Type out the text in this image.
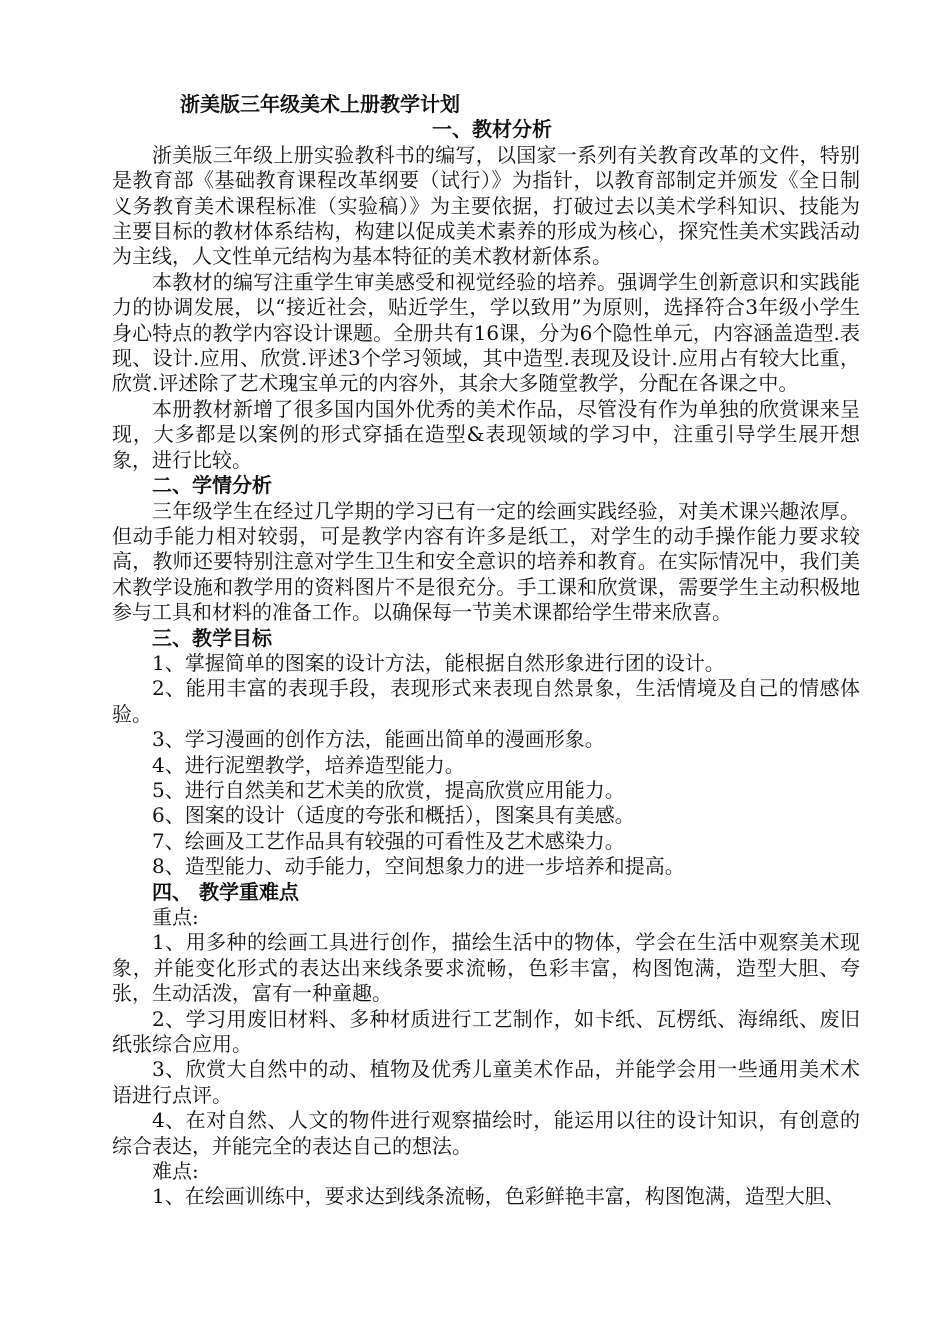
浙美版三年级美术上册教学计划

一、教材分析

浙美版三年级上册实验教科书的编写，以国家一系列有关教育改革的文件，特别是教育部《基础教育课程改革纲要（试行）》为指针，以教育部制定并颁发《全日制义务教育美术课程标准（实验稿）》为主要依据，打破过去以美术学科知识、技能为主要目标的教材体系结构，构建以促成美术素养的形成为核心，探究性美术实践活动为主线，人文性单元结构为基本特征的美术教材新体系。

本教材的编写注重学生审美感受和视觉经验的培养。强调学生创新意识和实践能力的协调发展，以“接近社会，贴近学生，学以致用”为原则，选择符合3年级小学生身心特点的教学内容设计课题。全册共有16课，分为6个隐性单元，内容涵盖造型.表现、设计.应用、欣赏.评述3个学习领域，其中造型.表现及设计.应用占有较大比重，欣赏.评述除了艺术瑰宝单元的内容外，其余大多随堂教学，分配在各课之中。

本册教材新增了很多国内国外优秀的美术作品，尽管没有作为单独的欣赏课来呈现，大多都是以案例的形式穿插在造型&表现领域的学习中，注重引导学生展开想象，进行比较。

二、学情分析

三年级学生在经过几学期的学习已有一定的绘画实践经验，对美术课兴趣浓厚。但动手能力相对较弱，可是教学内容有许多是纸工，对学生的动手操作能力要求较高，教师还要特别注意对学生卫生和安全意识的培养和教育。在实际情况中，我们美术教学设施和教学用的资料图片不是很充分。手工课和欣赏课，需要学生主动积极地参与工具和材料的准备工作。以确保每一节美术课都给学生带来欣喜。

三、教学目标

1、掌握简单的图案的设计方法，能根据自然形象进行团的设计。

2、能用丰富的表现手段，表现形式来表现自然景象，生活情境及自己的情感体验。

3、学习漫画的创作方法，能画出简单的漫画形象。

4、进行泥塑教学，培养造型能力。

5、进行自然美和艺术美的欣赏，提高欣赏应用能力。

6、图案的设计（适度的夸张和概括），图案具有美感。

7、绘画及工艺作品具有较强的可看性及艺术感染力。

8、造型能力、动手能力，空间想象力的进一步培养和提高。

四、 教学重难点

重点:

1、用多种的绘画工具进行创作，描绘生活中的物体，学会在生活中观察美术现象，并能变化形式的表达出来线条要求流畅，色彩丰富，构图饱满，造型大胆、夸张，生动活泼，富有一种童趣。

2、学习用废旧材料、多种材质进行工艺制作，如卡纸、瓦楞纸、海绵纸、废旧纸张综合应用。

3、欣赏大自然中的动、植物及优秀儿童美术作品，并能学会用一些通用美术术语进行点评。

4、在对自然、人文的物件进行观察描绘时，能运用以往的设计知识，有创意的综合表达，并能完全的表达自己的想法。

难点:

1、在绘画训练中，要求达到线条流畅，色彩鲜艳丰富，构图饱满，造型大胆、
